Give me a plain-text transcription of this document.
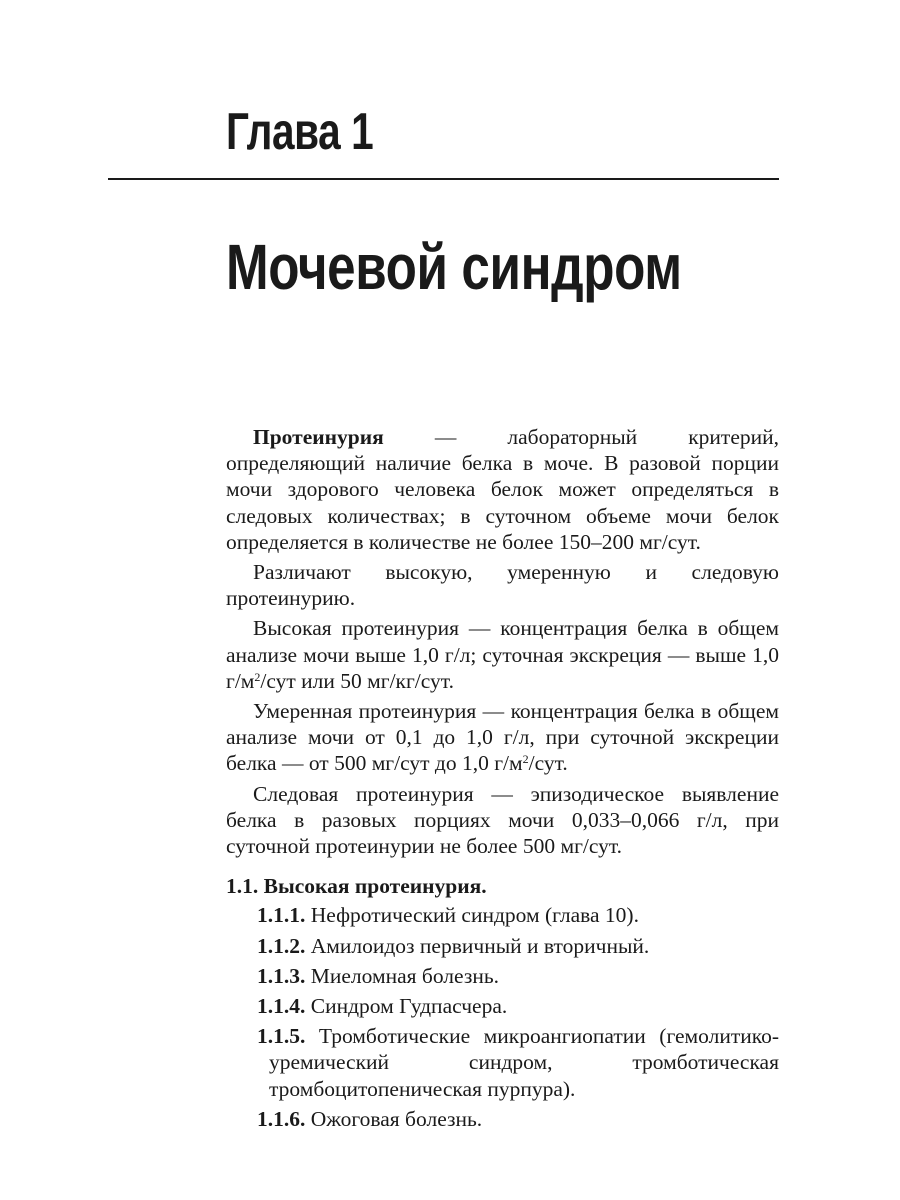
Глава 1
Мочевой синдром

Протеинурия — лабораторный критерий, определяющий наличие белка в моче. В разовой порции мочи здорового человека белок может определяться в следовых количествах; в суточном объеме мочи белок определяется в количестве не более 150–200 мг/сут.

Различают высокую, умеренную и следовую протеинурию.

Высокая протеинурия — концентрация белка в общем анализе мочи выше 1,0 г/л; суточная экскреция — выше 1,0 $г/м^2$/сут или 50 мг/кг/сут.

Умеренная протеинурия — концентрация белка в общем анализе мочи от 0,1 до 1,0 г/л, при суточной экскреции белка — от 500 мг/сут до 1,0 $г/м^2$/сут.

Следовая протеинурия — эпизодическое выявление белка в разовых порциях мочи 0,033–0,066 г/л, при суточной протеинурии не более 500 мг/сут.

1.1. Высокая протеинурия.
1.1.1. Нефротический синдром (глава 10).
1.1.2. Амилоидоз первичный и вторичный.
1.1.3. Миеломная болезнь.
1.1.4. Синдром Гудпасчера.
1.1.5. Тромботические микроангиопатии (гемолитико-уремический синдром, тромботическая тромбоцитопеническая пурпура).
1.1.6. Ожоговая болезнь.
